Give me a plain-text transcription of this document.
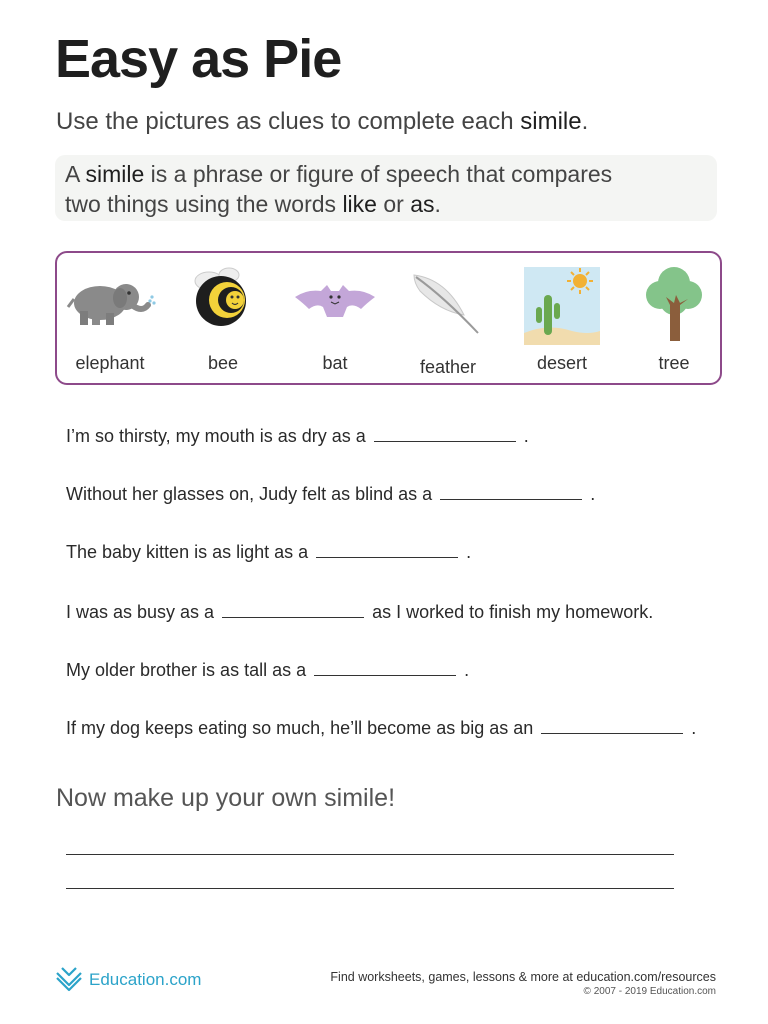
Easy as Pie
Use the pictures as clues to complete each simile.
A simile is a phrase or figure of speech that compares
two things using the words like or as.
elephant	bee	bat	feather	desert	tree
I’m so thirsty, my mouth is as dry as a	.
Without her glasses on, Judy felt as blind as a	.
The baby kitten is as light as a	.
I was as busy as a	as I worked to finish my homework.
My older brother is as tall as a	.
If my dog keeps eating so much, he’ll become as big as an	.
Now make up your own simile!
Education.com	Find worksheets, games, lessons & more at education.com/resources
© 2007 - 2019 Education.com
